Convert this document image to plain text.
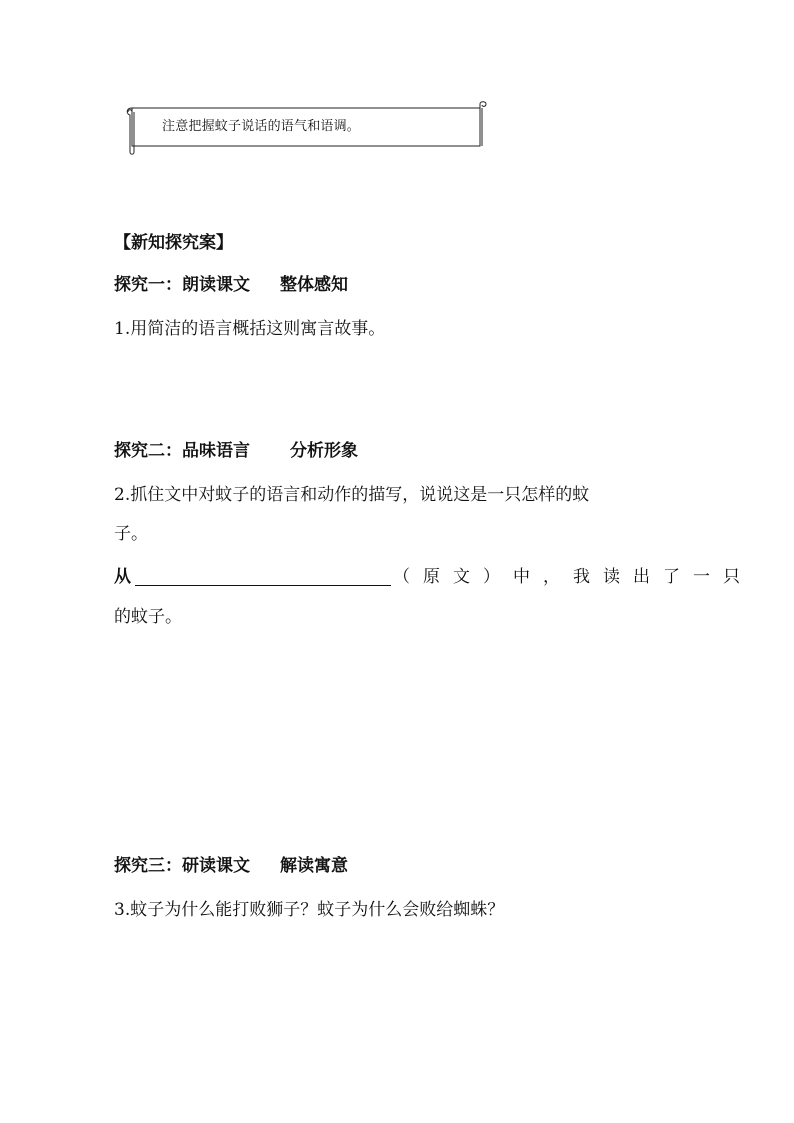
注意把握蚊子说话的语气和语调。
【新知探究案】
探究一：朗读课文 整体感知
1.用简洁的语言概括这则寓言故事。
探究二：品味语言 分析形象
2.抓住文中对蚊子的语言和动作的描写，说说这是一只怎样的蚊
子。
从	（原文）中，我读出了一只
的蚊子。
探究三：研读课文 解读寓意
3.蚊子为什么能打败狮子？蚊子为什么会败给蜘蛛？
